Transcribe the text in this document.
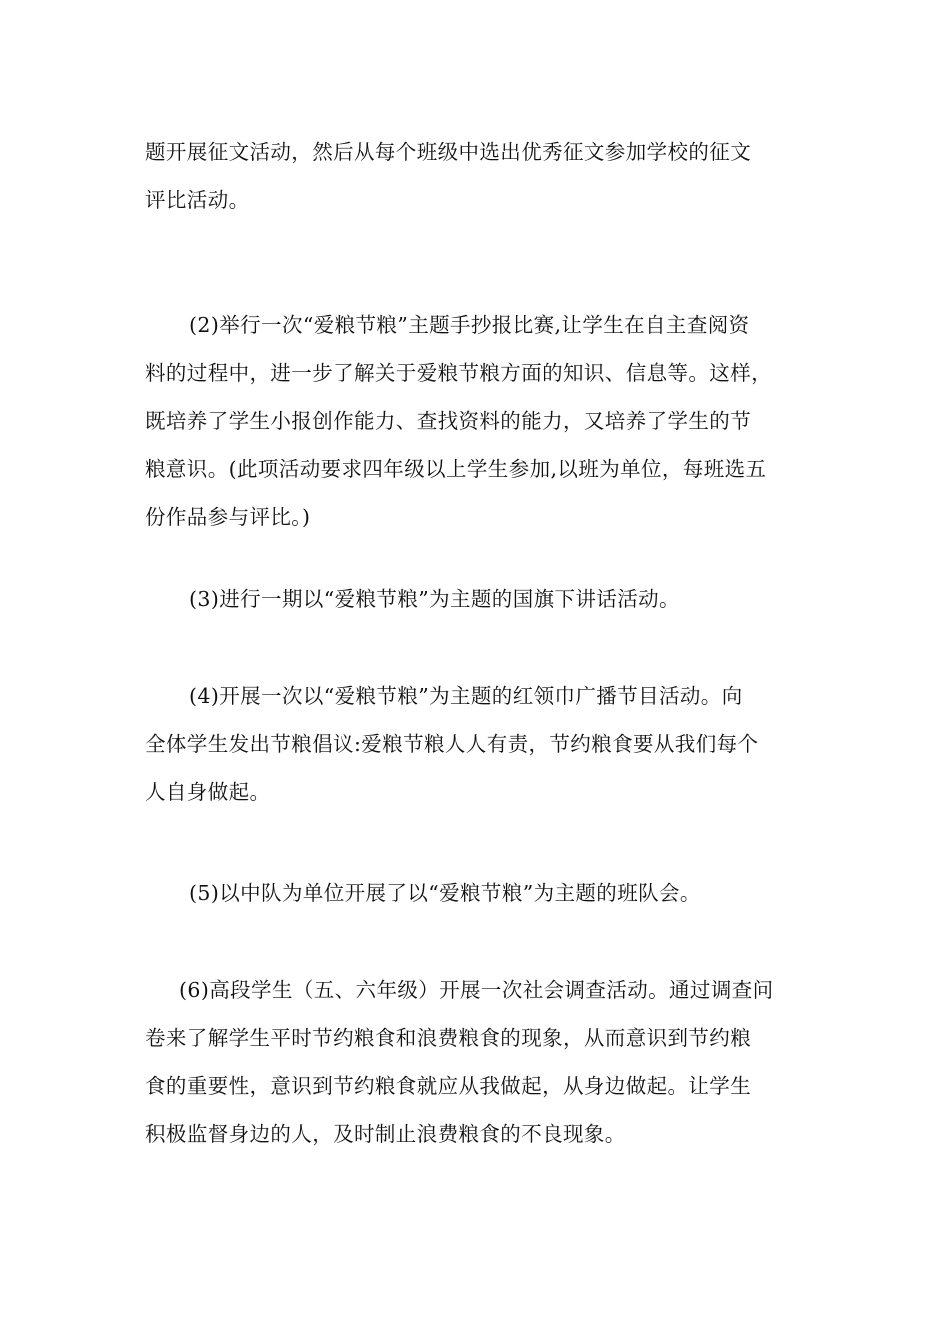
题开展征文活动，然后从每个班级中选出优秀征文参加学校的征文
评比活动。

(2)举行一次“爱粮节粮”主题手抄报比赛,让学生在自主查阅资
料的过程中，进一步了解关于爱粮节粮方面的知识、信息等。这样，
既培养了学生小报创作能力、查找资料的能力，又培养了学生的节
粮意识。(此项活动要求四年级以上学生参加,以班为单位，每班选五
份作品参与评比。)

(3)进行一期以“爱粮节粮”为主题的国旗下讲话活动。

(4)开展一次以“爱粮节粮”为主题的红领巾广播节目活动。向
全体学生发出节粮倡议:爱粮节粮人人有责，节约粮食要从我们每个
人自身做起。

(5)以中队为单位开展了以“爱粮节粮”为主题的班队会。

(6)高段学生（五、六年级）开展一次社会调查活动。通过调查问
卷来了解学生平时节约粮食和浪费粮食的现象，从而意识到节约粮
食的重要性，意识到节约粮食就应从我做起，从身边做起。让学生
积极监督身边的人，及时制止浪费粮食的不良现象。
